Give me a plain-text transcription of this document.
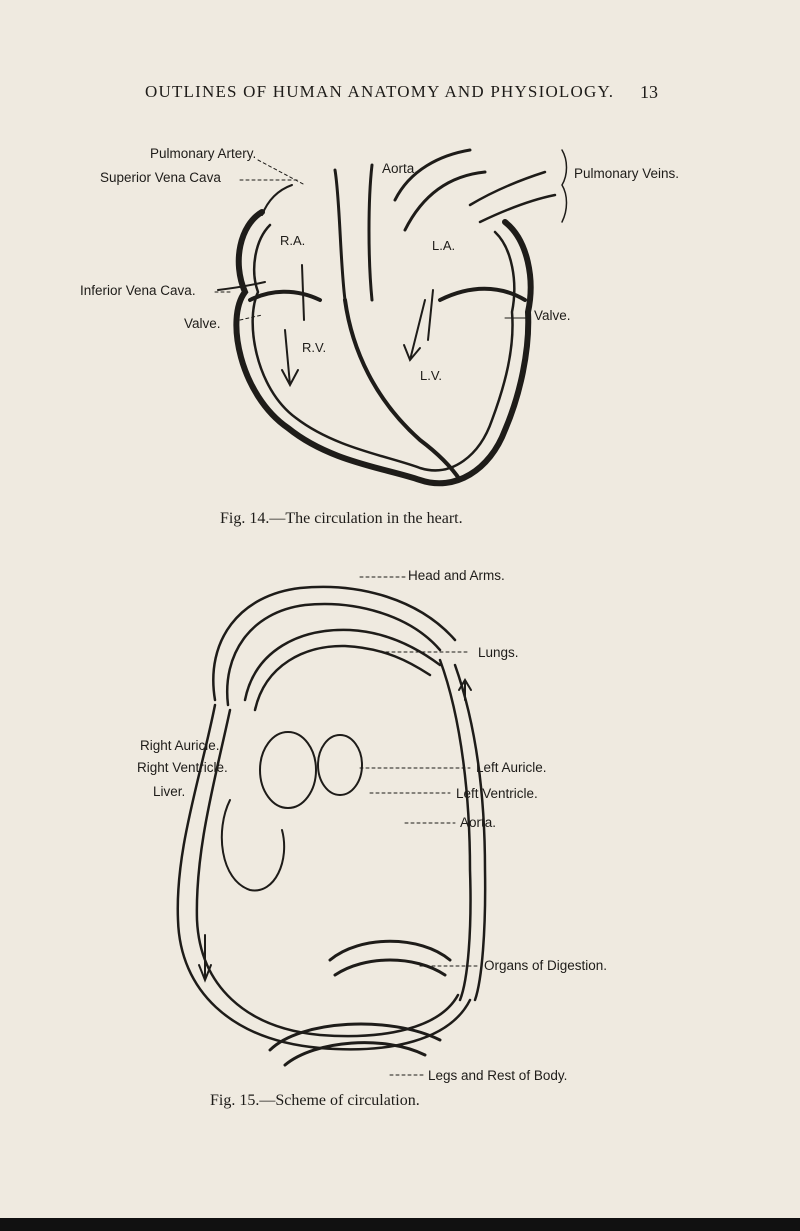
OUTLINES OF HUMAN ANATOMY AND PHYSIOLOGY. 13
Pulmonary Artery.
Superior Vena Cava
Aorta.	Pulmonary Veins.
R.A.	L.A.
Inferior Vena Cava.
Valve.
Valve.
R.V.
L.V.
Fig. 14.—The circulation in the heart.
Head and Arms.
Lungs.
Right Auricle.
Right Ventricle.	Left Auricle.
Liver.	Left Ventricle.
Aorta.
Organs of Digestion.
Legs and Rest of Body.
Fig. 15.—Scheme of circulation.
